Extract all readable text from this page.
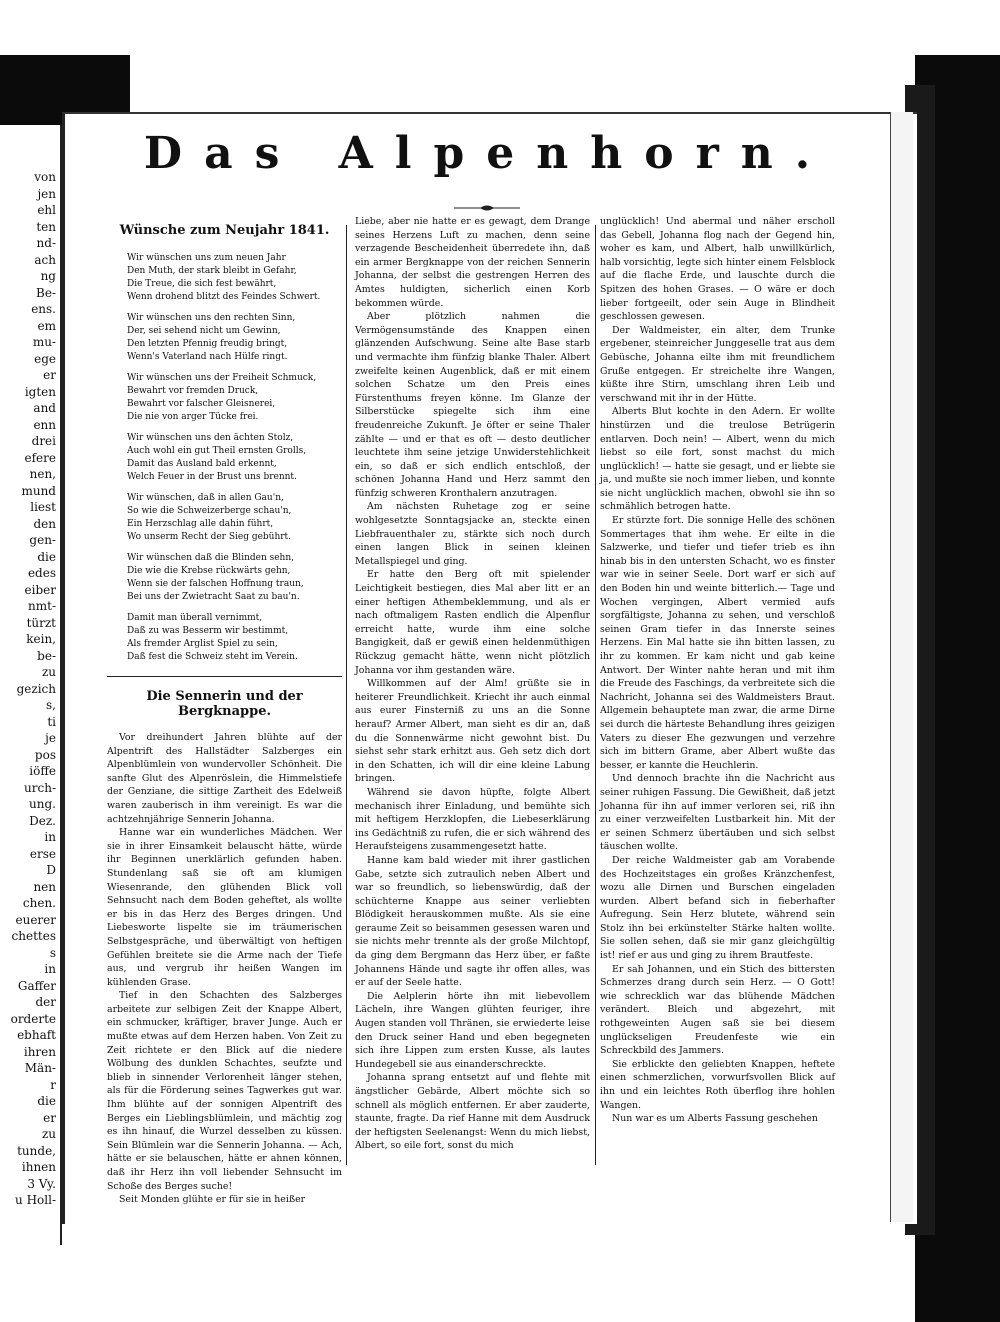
von
jen
ehl
ten
nd-
ach
ng
Be-
ens.
em
mu-
ege
er
igten
and
enn
drei
efere
nen,
mund
liest
den
gen-
die
edes
eiber
nmt-
türzt
kein,
be-
zu
gezich
s,
ti
je
pos
iöffe
urch-
ung.
Dez.
in
erse
D
nen
chen.
euerer
chettes
s
in
Gaffer
der
orderte
ebhaft
ihren
Män-
r
die
er
zu
tunde,
ihnen
3 Vy.
u Holl-
Das Alpenhorn.
Wünsche zum Neujahr 1841.
Wir wünschen uns zum neuen Jahr
Den Muth, der stark bleibt in Gefahr,
Die Treue, die sich fest bewährt,
Wenn drohend blitzt des Feindes Schwert.
Wir wünschen uns den rechten Sinn,
Der, sei sehend nicht um Gewinn,
Den letzten Pfennig freudig bringt,
Wenn's Vaterland nach Hülfe ringt.
Wir wünschen uns der Freiheit Schmuck,
Bewahrt vor fremden Druck,
Bewahrt vor falscher Gleisnerei,
Die nie von arger Tücke frei.
Wir wünschen uns den ächten Stolz,
Auch wohl ein gut Theil ernsten Grolls,
Damit das Ausland bald erkennt,
Welch Feuer in der Brust uns brennt.
Wir wünschen, daß in allen Gau'n,
So wie die Schweizerberge schau'n,
Ein Herzschlag alle dahin führt,
Wo unserm Recht der Sieg gebührt.
Wir wünschen daß die Blinden sehn,
Die wie die Krebse rückwärts gehn,
Wenn sie der falschen Hoffnung traun,
Bei uns der Zwietracht Saat zu bau'n.
Damit man überall vernimmt,
Daß zu was Besserm wir bestimmt,
Als fremder Arglist Spiel zu sein,
Daß fest die Schweiz steht im Verein.
Die Sennerin und der Bergknappe.

Vor dreihundert Jahren blühte auf der Alpentrift des Hallstädter Salzberges ein Alpenblümlein von wundervoller Schönheit. Die sanfte Glut des Alpenröslein, die Himmelstiefe der Genziane, die sittige Zartheit des Edelweiß waren zauberisch in ihm vereinigt. Es war die achtzehnjährige Sennerin Johanna.

Hanne war ein wunderliches Mädchen. Wer sie in ihrer Einsamkeit belauscht hätte, würde ihr Beginnen unerklärlich gefunden haben. Stundenlang saß sie oft am klumigen Wiesenrande, den glühenden Blick voll Sehnsucht nach dem Boden geheftet, als wollte er bis in das Herz des Berges dringen. Und Liebesworte lispelte sie im träumerischen Selbstgespräche, und überwältigt von heftigen Gefühlen breitete sie die Arme nach der Tiefe aus, und vergrub ihr heißen Wangen im kühlenden Grase.

Tief in den Schachten des Salzberges arbeitete zur selbigen Zeit der Knappe Albert, ein schmucker, kräftiger, braver Junge. Auch er mußte etwas auf dem Herzen haben. Von Zeit zu Zeit richtete er den Blick auf die niedere Wölbung des dunklen Schachtes, seufzte und blieb in sinnender Verlorenheit länger stehen, als für die Förderung seines Tagwerkes gut war. Ihm blühte auf der sonnigen Alpentrift des Berges ein Lieblingsblümlein, und mächtig zog es ihn hinauf, die Wurzel desselben zu küssen. Sein Blümlein war die Sennerin Johanna. — Ach, hätte er sie belauschen, hätte er ahnen können, daß ihr Herz ihn voll liebender Sehnsucht im Schoße des Berges suche!

Seit Monden glühte er für sie in heißer

Liebe, aber nie hatte er es gewagt, dem Drange seines Herzens Luft zu machen, denn seine verzagende Bescheidenheit überredete ihn, daß ein armer Bergknappe von der reichen Sennerin Johanna, der selbst die gestrengen Herren des Amtes huldigten, sicherlich einen Korb bekommen würde.

Aber plötzlich nahmen die Vermögensumstände des Knappen einen glänzenden Aufschwung. Seine alte Base starb und vermachte ihm fünfzig blanke Thaler. Albert zweifelte keinen Augenblick, daß er mit einem solchen Schatze um den Preis eines Fürstenthums freyen könne. Im Glanze der Silberstücke spiegelte sich ihm eine freudenreiche Zukunft. Je öfter er seine Thaler zählte — und er that es oft — desto deutlicher leuchtete ihm seine jetzige Unwiderstehlichkeit ein, so daß er sich endlich entschloß, der schönen Johanna Hand und Herz sammt den fünfzig schweren Kronthalern anzutragen.

Am nächsten Ruhetage zog er seine wohlgesetzte Sonntagsjacke an, steckte einen Liebfrauenthaler zu, stärkte sich noch durch einen langen Blick in seinen kleinen Metallspiegel und ging.

Er hatte den Berg oft mit spielender Leichtigkeit bestiegen, dies Mal aber litt er an einer heftigen Athembeklemmung, und als er nach oftmaligem Rasten endlich die Alpenflur erreicht hatte, wurde ihm eine solche Bangigkeit, daß er gewiß einen heldenmüthigen Rückzug gemacht hätte, wenn nicht plötzlich Johanna vor ihm gestanden wäre.

Willkommen auf der Alm! grüßte sie in heiterer Freundlichkeit. Kriecht ihr auch einmal aus eurer Finsterniß zu uns an die Sonne herauf? Armer Albert, man sieht es dir an, daß du die Sonnenwärme nicht gewohnt bist. Du siehst sehr stark erhitzt aus. Geh setz dich dort in den Schatten, ich will dir eine kleine Labung bringen.

Während sie davon hüpfte, folgte Albert mechanisch ihrer Einladung, und bemühte sich mit heftigem Herzklopfen, die Liebeserklärung ins Gedächtniß zu rufen, die er sich während des Heraufsteigens zusammengesetzt hatte.

Hanne kam bald wieder mit ihrer gastlichen Gabe, setzte sich zutraulich neben Albert und war so freundlich, so liebenswürdig, daß der schüchterne Knappe aus seiner verliebten Blödigkeit herauskommen mußte. Als sie eine geraume Zeit so beisammen gesessen waren und sie nichts mehr trennte als der große Milchtopf, da ging dem Bergmann das Herz über, er faßte Johannens Hände und sagte ihr offen alles, was er auf der Seele hatte.

Die Aelplerin hörte ihn mit liebevollem Lächeln, ihre Wangen glühten feuriger, ihre Augen standen voll Thränen, sie erwiederte leise den Druck seiner Hand und eben begegneten sich ihre Lippen zum ersten Kusse, als lautes Hundegebell sie aus einanderschreckte.

Johanna sprang entsetzt auf und flehte mit ängstlicher Gebärde, Albert möchte sich so schnell als möglich entfernen. Er aber zauderte, staunte, fragte. Da rief Hanne mit dem Ausdruck der heftigsten Seelenangst: Wenn du mich liebst, Albert, so eile fort, sonst du mich

unglücklich! Und abermal und näher erscholl das Gebell, Johanna flog nach der Gegend hin, woher es kam, und Albert, halb unwillkürlich, halb vorsichtig, legte sich hinter einem Felsblock auf die flache Erde, und lauschte durch die Spitzen des hohen Grases. — O wäre er doch lieber fortgeeilt, oder sein Auge in Blindheit geschlossen gewesen.

Der Waldmeister, ein alter, dem Trunke ergebener, steinreicher Junggeselle trat aus dem Gebüsche, Johanna eilte ihm mit freundlichem Gruße entgegen. Er streichelte ihre Wangen, küßte ihre Stirn, umschlang ihren Leib und verschwand mit ihr in der Hütte.

Alberts Blut kochte in den Adern. Er wollte hinstürzen und die treulose Betrügerin entlarven. Doch nein! — Albert, wenn du mich liebst so eile fort, sonst machst du mich unglücklich! — hatte sie gesagt, und er liebte sie ja, und mußte sie noch immer lieben, und konnte sie nicht unglücklich machen, obwohl sie ihn so schmählich betrogen hatte.

Er stürzte fort. Die sonnige Helle des schönen Sommertages that ihm wehe. Er eilte in die Salzwerke, und tiefer und tiefer trieb es ihn hinab bis in den untersten Schacht, wo es finster war wie in seiner Seele. Dort warf er sich auf den Boden hin und weinte bitterlich.— Tage und Wochen vergingen, Albert vermied aufs sorgfältigste, Johanna zu sehen, und verschloß seinen Gram tiefer in das Innerste seines Herzens. Ein Mal hatte sie ihn bitten lassen, zu ihr zu kommen. Er kam nicht und gab keine Antwort. Der Winter nahte heran und mit ihm die Freude des Faschings, da verbreitete sich die Nachricht, Johanna sei des Waldmeisters Braut. Allgemein behauptete man zwar, die arme Dirne sei durch die härteste Behandlung ihres geizigen Vaters zu dieser Ehe gezwungen und verzehre sich im bittern Grame, aber Albert wußte das besser, er kannte die Heuchlerin.

Und dennoch brachte ihn die Nachricht aus seiner ruhigen Fassung. Die Gewißheit, daß jetzt Johanna für ihn auf immer verloren sei, riß ihn zu einer verzweifelten Lustbarkeit hin. Mit der er seinen Schmerz übertäuben und sich selbst täuschen wollte.

Der reiche Waldmeister gab am Vorabende des Hochzeitstages ein großes Kränzchenfest, wozu alle Dirnen und Burschen eingeladen wurden. Albert befand sich in fieberhafter Aufregung. Sein Herz blutete, während sein Stolz ihn bei erkünstelter Stärke halten wollte. Sie sollen sehen, daß sie mir ganz gleichgültig ist! rief er aus und ging zu ihrem Brautfeste.

Er sah Johannen, und ein Stich des bittersten Schmerzes drang durch sein Herz. — O Gott! wie schrecklich war das blühende Mädchen verändert. Bleich und abgezehrt, mit rothgeweinten Augen saß sie bei diesem unglückseligen Freudenfeste wie ein Schreckbild des Jammers.

Sie erblickte den geliebten Knappen, heftete einen schmerzlichen, vorwurfsvollen Blick auf ihn und ein leichtes Roth überflog ihre hohlen Wangen.

Nun war es um Alberts Fassung geschehen
